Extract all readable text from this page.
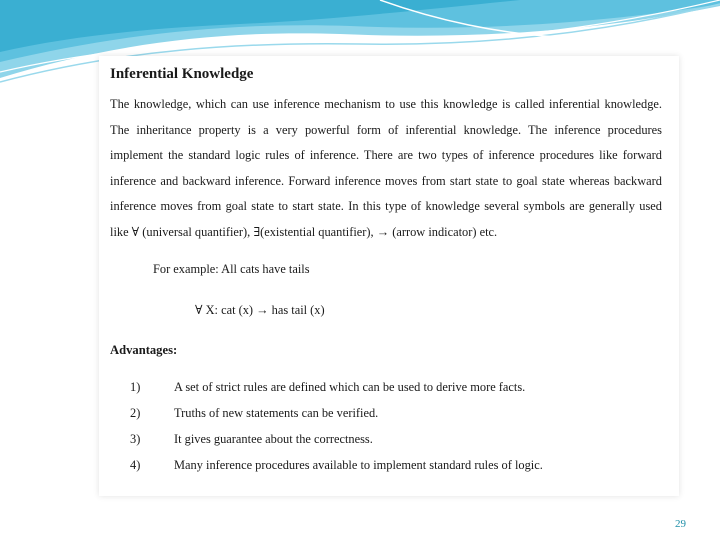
Inferential Knowledge

The knowledge, which can use inference mechanism to use this knowledge is called inferential knowledge. The inheritance property is a very powerful form of inferential knowledge. The inference procedures implement the standard logic rules of inference. There are two types of inference procedures like forward inference and backward inference. Forward inference moves from start state to goal state whereas backward inference moves from goal state to start state. In this type of knowledge several symbols are generally used like ∀ (universal quantifier), ∃(existential quantifier), → (arrow indicator) etc.

For example: All cats have tails
∀ X: cat (x) → has tail (x)
Advantages:
1)	A set of strict rules are defined which can be used to derive more facts.
2)	Truths of new statements can be verified.
3)	It gives guarantee about the correctness.
4)	Many inference procedures available to implement standard rules of logic.
29
